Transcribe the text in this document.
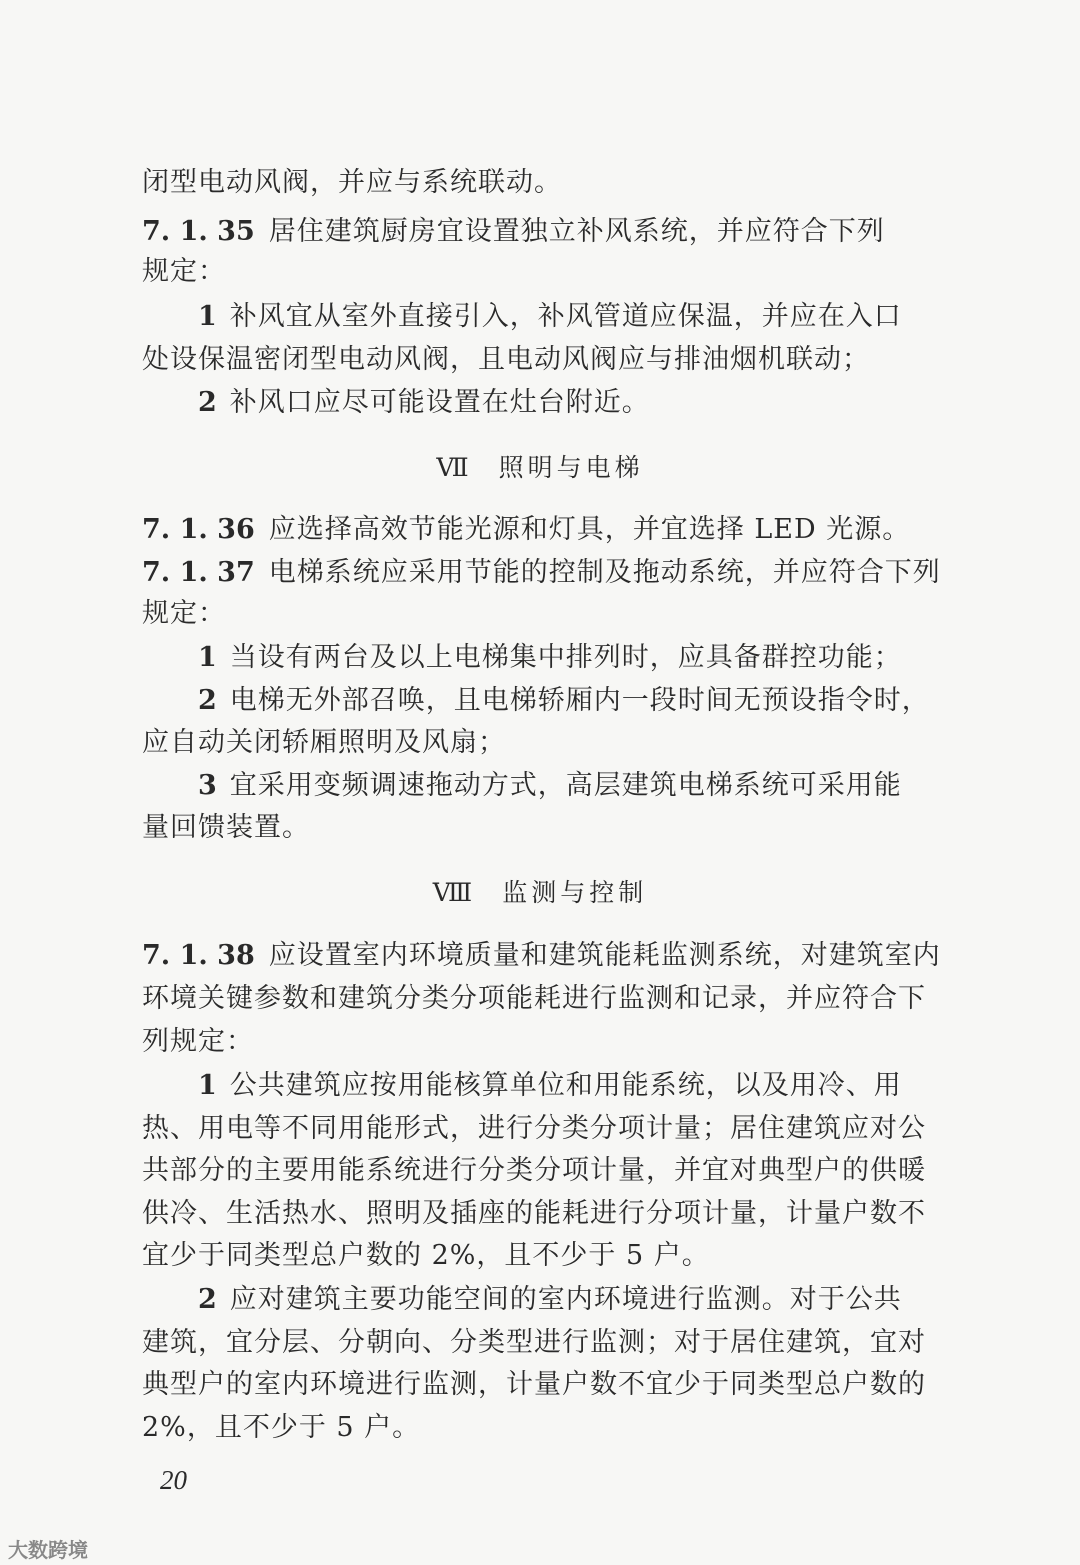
闭型电动风阀，并应与系统联动。
7. 1. 35 居住建筑厨房宜设置独立补风系统，并应符合下列
规定：
1 补风宜从室外直接引入，补风管道应保温，并应在入口
处设保温密闭型电动风阀，且电动风阀应与排油烟机联动；
2 补风口应尽可能设置在灶台附近。
Ⅶ 照明与电梯
7. 1. 36 应选择高效节能光源和灯具，并宜选择 LED 光源。
7. 1. 37 电梯系统应采用节能的控制及拖动系统，并应符合下列
规定：
1 当设有两台及以上电梯集中排列时，应具备群控功能；
2 电梯无外部召唤，且电梯轿厢内一段时间无预设指令时，
应自动关闭轿厢照明及风扇；
3 宜采用变频调速拖动方式，高层建筑电梯系统可采用能
量回馈装置。
Ⅷ 监测与控制
7. 1. 38 应设置室内环境质量和建筑能耗监测系统，对建筑室内
环境关键参数和建筑分类分项能耗进行监测和记录，并应符合下
列规定：
1 公共建筑应按用能核算单位和用能系统，以及用冷、用
热、用电等不同用能形式，进行分类分项计量；居住建筑应对公
共部分的主要用能系统进行分类分项计量，并宜对典型户的供暖
供冷、生活热水、照明及插座的能耗进行分项计量，计量户数不
宜少于同类型总户数的 2%，且不少于 5 户。
2 应对建筑主要功能空间的室内环境进行监测。对于公共
建筑，宜分层、分朝向、分类型进行监测；对于居住建筑，宜对
典型户的室内环境进行监测，计量户数不宜少于同类型总户数的
2%，且不少于 5 户。
20
大数跨境
